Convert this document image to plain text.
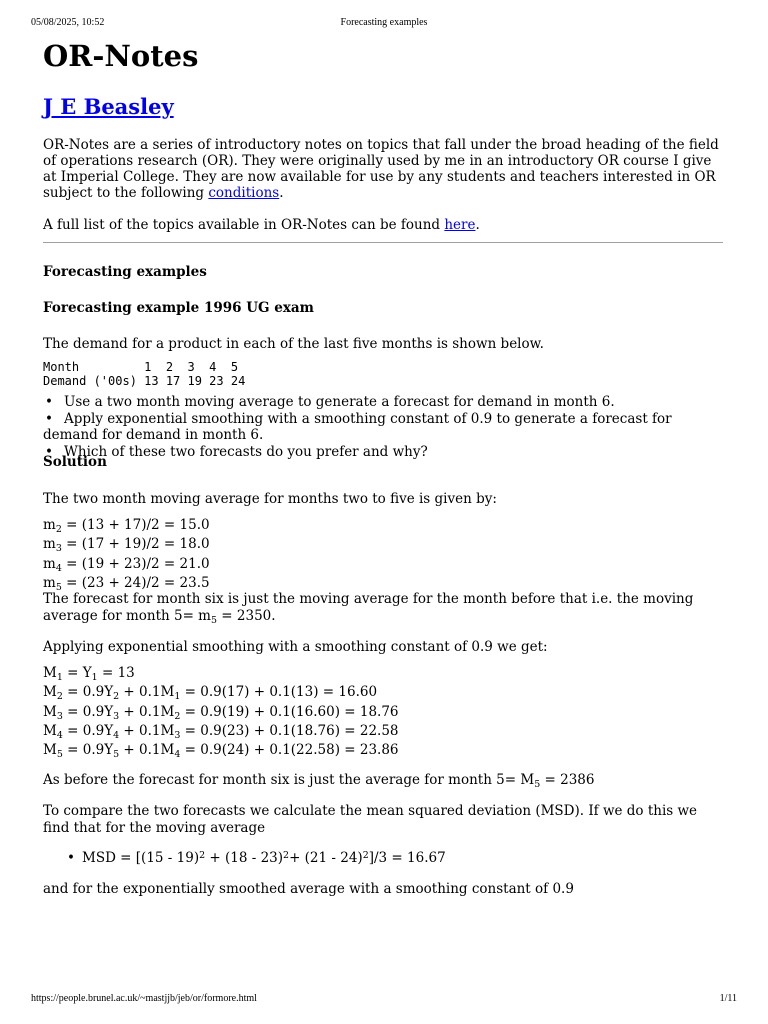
05/08/2025, 10:52	Forecasting examples
OR-Notes
J E Beasley

OR-Notes are a series of introductory notes on topics that fall under the broad heading of the field of operations research (OR). They were originally used by me in an introductory OR course I give at Imperial College. They are now available for use by any students and teachers interested in OR subject to the following conditions.

A full list of the topics available in OR-Notes can be found here.

Forecasting examples

Forecasting example 1996 UG exam

The demand for a product in each of the last five months is shown below.

Month         1  2  3  4  5
Demand ('00s) 13 17 19 23 24
• Use a two month moving average to generate a forecast for demand in month 6.
• Apply exponential smoothing with a smoothing constant of 0.9 to generate a forecast for demand for demand in month 6.
• Which of these two forecasts do you prefer and why?

Solution

The two month moving average for months two to five is given by:

$m_2 = (13 + 17)/2 = 15.0$
$m_3 = (17 + 19)/2 = 18.0$
$m_4 = (19 + 23)/2 = 21.0$
$m_5 = (23 + 24)/2 = 23.5$

The forecast for month six is just the moving average for the month before that i.e. the moving average for month $5= m_5 = 2350$.

Applying exponential smoothing with a smoothing constant of 0.9 we get:

$M_1 = Y_1 = 13$
$M_2 = 0.9Y_2 + 0.1M_1 = 0.9(17) + 0.1(13) = 16.60$
$M_3 = 0.9Y_3 + 0.1M_2 = 0.9(19) + 0.1(16.60) = 18.76$
$M_4 = 0.9Y_4 + 0.1M_3 = 0.9(23) + 0.1(18.76) = 22.58$
$M_5 = 0.9Y_5 + 0.1M_4 = 0.9(24) + 0.1(22.58) = 23.86$

As before the forecast for month six is just the average for month $5= M_5 = 2386$

To compare the two forecasts we calculate the mean squared deviation (MSD). If we do this we find that for the moving average

• MSD = [(15 - 19)$^2$ + (18 - 23)$^2$+ (21 - 24)$^2$]/3 = 16.67

and for the exponentially smoothed average with a smoothing constant of 0.9

https://people.brunel.ac.uk/~mastjjb/jeb/or/formore.html	1/11
